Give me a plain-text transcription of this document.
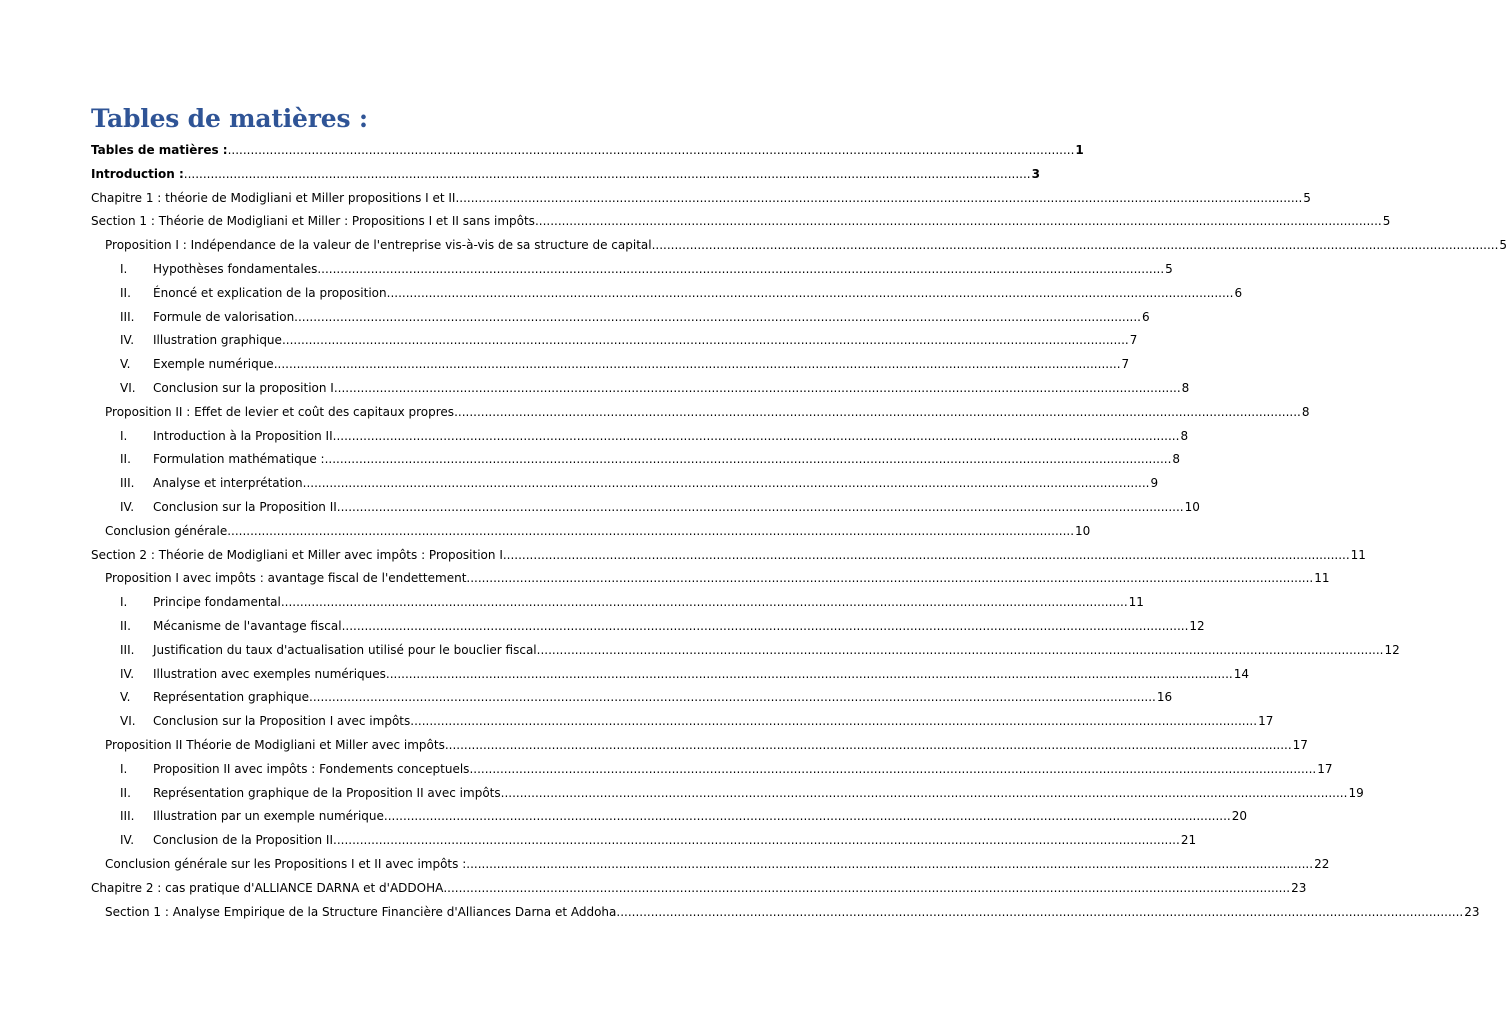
Tables de matières :
Tables de matières : .....	1
Introduction : .....	3
Chapitre 1 : théorie de Modigliani et Miller propositions I et II .....	5
Section 1 : Théorie de Modigliani et Miller : Propositions I et II sans impôts .....	5
Proposition I : Indépendance de la valeur de l'entreprise vis-à-vis de sa structure de capital .....	5
I.	Hypothèses fondamentales .....	5
II.	Énoncé et explication de la proposition .....	6
III.	Formule de valorisation .....	6
IV.	Illustration graphique .....	7
V.	Exemple numérique .....	7
VI.	Conclusion sur la proposition I .....	8
Proposition II : Effet de levier et coût des capitaux propres .....	8
I.	Introduction à la Proposition II .....	8
II.	Formulation mathématique : .....	8
III.	Analyse et interprétation .....	9
IV.	Conclusion sur la Proposition II .....	10
Conclusion générale .....	10
Section 2 : Théorie de Modigliani et Miller avec impôts : Proposition I .....	11
Proposition I avec impôts : avantage fiscal de l'endettement .....	11
I.	Principe fondamental .....	11
II.	Mécanisme de l'avantage fiscal .....	12
III.	Justification du taux d'actualisation utilisé pour le bouclier fiscal .....	12
IV.	Illustration avec exemples numériques .....	14
V.	Représentation graphique .....	16
VI.	Conclusion sur la Proposition I avec impôts .....	17
Proposition II Théorie de Modigliani et Miller avec impôts .....	17
I.	Proposition II avec impôts : Fondements conceptuels .....	17
II.	Représentation graphique de la Proposition II avec impôts .....	19
III.	Illustration par un exemple numérique .....	20
IV.	Conclusion de la Proposition II .....	21
Conclusion générale sur les Propositions I et II avec impôts : .....	22
Chapitre 2 : cas pratique d'ALLIANCE DARNA et d'ADDOHA .....	23
Section 1 : Analyse Empirique de la Structure Financière d'Alliances Darna et Addoha .....	23
